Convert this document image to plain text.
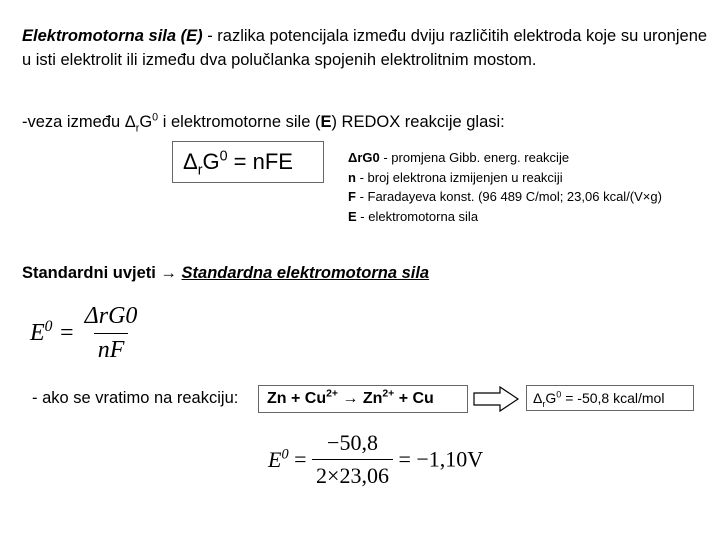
Elektromotorna sila (E) - razlika potencijala između dviju različitih elektroda koje su uronjene u isti elektrolit ili između dva polučlanka spojenih elektrolitnim mostom.
-veza između $\Delta_rG^0$ i elektromotorne sile (E) REDOX reakcije glasi:
$\Delta_rG^0$ = nFE	ΔrG0 - promjena Gibb. energ. reakcije
n - broj elektrona izmijenjen u reakciji
F - Faradayeva konst. (96 489 C/mol; 23,06 kcal/(V×g)
E - elektromotorna sila
Standardni uvjeti → Standardna elektromotorna sila
$E^0 = \frac{\text{ΔrG0}}{nF}$
- ako se vratimo na reakciju:	$Zn + Cu^{2+} \to Zn^{2+} + Cu$	$\Delta_rG^0 = -50,8$ kcal/mol
$E^0 = \frac{-50,8}{2\times 23,06} = -1,10V$
